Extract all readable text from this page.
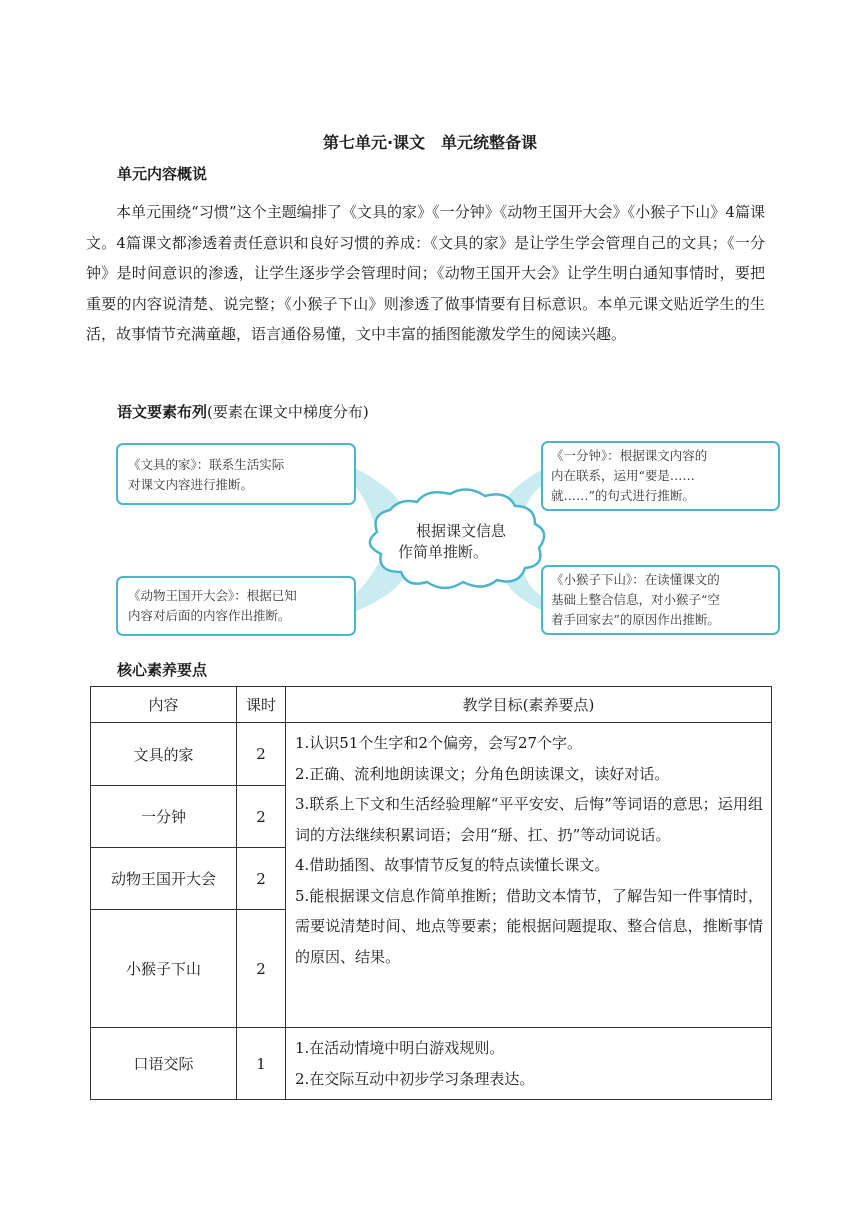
第七单元·课文　单元统整备课
单元内容概说

本单元围绕“习惯”这个主题编排了《文具的家》《一分钟》《动物王国开大会》《小猴子下山》4篇课文。4篇课文都渗透着责任意识和良好习惯的养成：《文具的家》是让学生学会管理自己的文具；《一分钟》是时间意识的渗透，让学生逐步学会管理时间；《动物王国开大会》让学生明白通知事情时，要把重要的内容说清楚、说完整；《小猴子下山》则渗透了做事情要有目标意识。本单元课文贴近学生的生活，故事情节充满童趣，语言通俗易懂，文中丰富的插图能激发学生的阅读兴趣。

语文要素布列(要素在课文中梯度分布)
《文具的家》：联系生活实际
对课文内容进行推断。
《一分钟》：根据课文内容的
内在联系，运用“要是……
就……”的句式进行推断。
《动物王国开大会》：根据已知
内容对后面的内容作出推断。
《小猴子下山》：在读懂课文的
基础上整合信息，对小猴子“空
着手回家去”的原因作出推断。
根据课文信息
作简单推断。
核心素养要点
内容	课时	教学目标(素养要点)
文具的家	2	1.认识51个生字和2个偏旁，会写27个字。
2.正确、流利地朗读课文；分角色朗读课文，读好对话。
3.联系上下文和生活经验理解“平平安安、后悔”等词语的意思；运用组词的方法继续积累词语；会用“掰、扛、扔”等动词说话。
4.借助插图、故事情节反复的特点读懂长课文。
5.能根据课文信息作简单推断；借助文本情节，了解告知一件事情时，需要说清楚时间、地点等要素；能根据问题提取、整合信息，推断事情的原因、结果。

一分钟	2	
动物王国开大会	2	
小猴子下山	2	
口语交际	1	1.在活动情境中明白游戏规则。
2.在交际互动中初步学习条理表达。
